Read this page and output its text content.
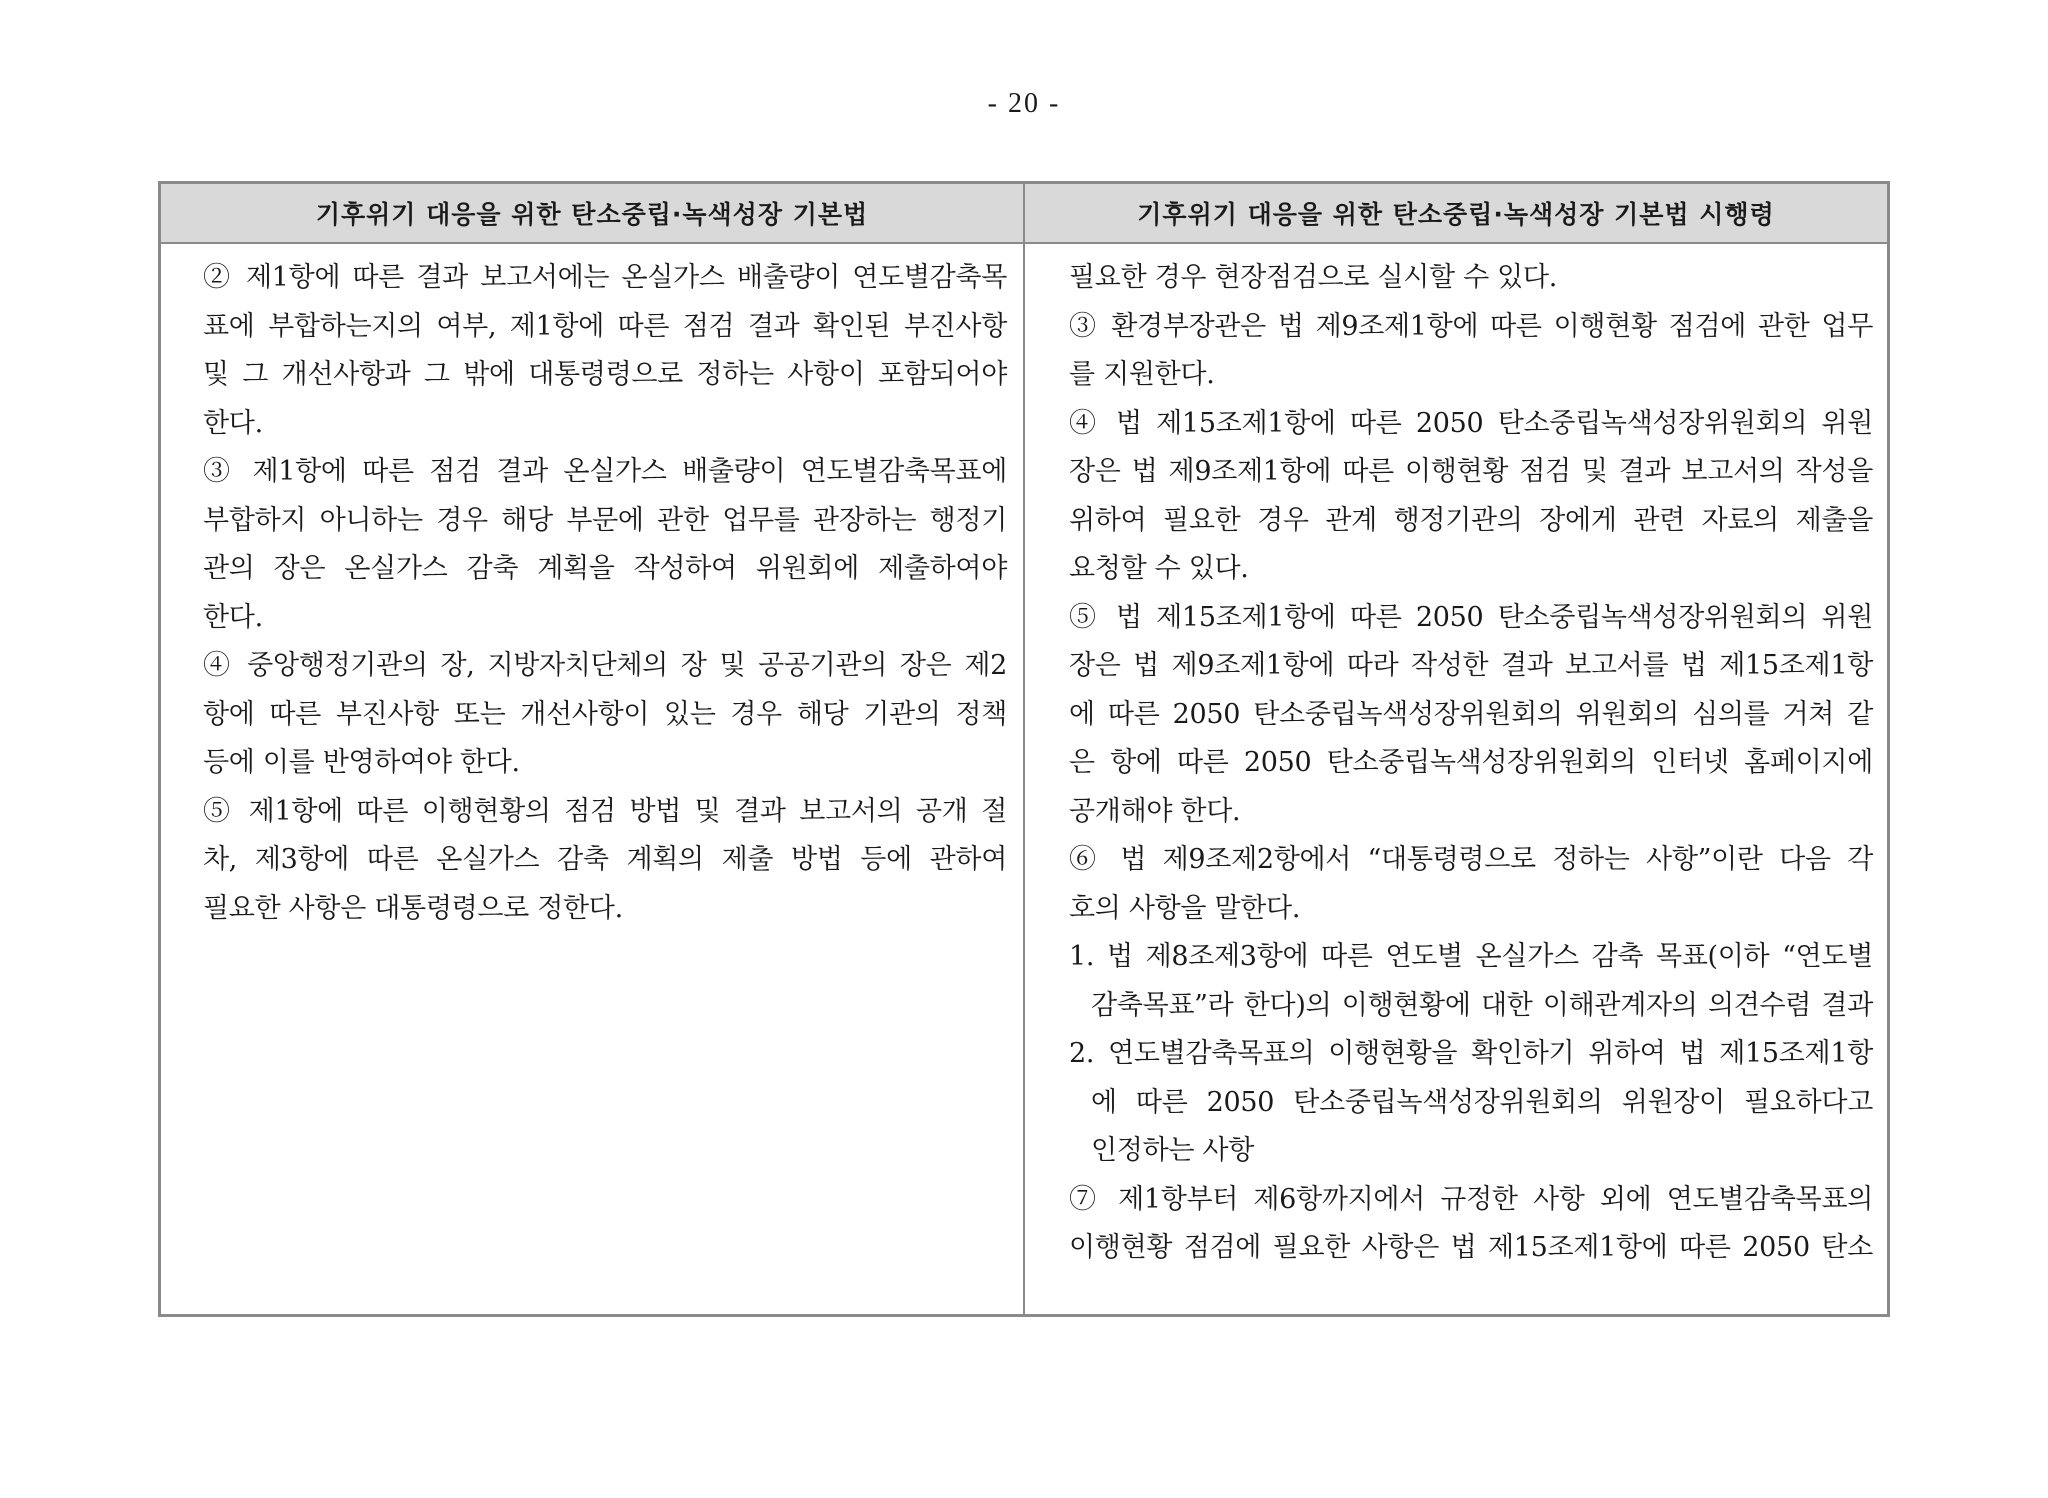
- 20 -
기후위기 대응을 위한 탄소중립·녹색성장 기본법	기후위기 대응을 위한 탄소중립·녹색성장 기본법 시행령
② 제1항에 따른 결과 보고서에는 온실가스 배출량이 연도별감축목
표에 부합하는지의 여부, 제1항에 따른 점검 결과 확인된 부진사항
및 그 개선사항과 그 밖에 대통령령으로 정하는 사항이 포함되어야
한다.
③ 제1항에 따른 점검 결과 온실가스 배출량이 연도별감축목표에
부합하지 아니하는 경우 해당 부문에 관한 업무를 관장하는 행정기
관의 장은 온실가스 감축 계획을 작성하여 위원회에 제출하여야
한다.
④ 중앙행정기관의 장, 지방자치단체의 장 및 공공기관의 장은 제2
항에 따른 부진사항 또는 개선사항이 있는 경우 해당 기관의 정책
등에 이를 반영하여야 한다.
⑤ 제1항에 따른 이행현황의 점검 방법 및 결과 보고서의 공개 절
차, 제3항에 따른 온실가스 감축 계획의 제출 방법 등에 관하여
필요한 사항은 대통령령으로 정한다.
필요한 경우 현장점검으로 실시할 수 있다.
③ 환경부장관은 법 제9조제1항에 따른 이행현황 점검에 관한 업무
를 지원한다.
④ 법 제15조제1항에 따른 2050 탄소중립녹색성장위원회의 위원
장은 법 제9조제1항에 따른 이행현황 점검 및 결과 보고서의 작성을
위하여 필요한 경우 관계 행정기관의 장에게 관련 자료의 제출을
요청할 수 있다.
⑤ 법 제15조제1항에 따른 2050 탄소중립녹색성장위원회의 위원
장은 법 제9조제1항에 따라 작성한 결과 보고서를 법 제15조제1항
에 따른 2050 탄소중립녹색성장위원회의 위원회의 심의를 거쳐 같
은 항에 따른 2050 탄소중립녹색성장위원회의 인터넷 홈페이지에
공개해야 한다.
⑥ 법 제9조제2항에서 “대통령령으로 정하는 사항”이란 다음 각
호의 사항을 말한다.
1. 법 제8조제3항에 따른 연도별 온실가스 감축 목표(이하 “연도별
감축목표”라 한다)의 이행현황에 대한 이해관계자의 의견수렴 결과
2. 연도별감축목표의 이행현황을 확인하기 위하여 법 제15조제1항
에 따른 2050 탄소중립녹색성장위원회의 위원장이 필요하다고
인정하는 사항
⑦ 제1항부터 제6항까지에서 규정한 사항 외에 연도별감축목표의
이행현황 점검에 필요한 사항은 법 제15조제1항에 따른 2050 탄소
